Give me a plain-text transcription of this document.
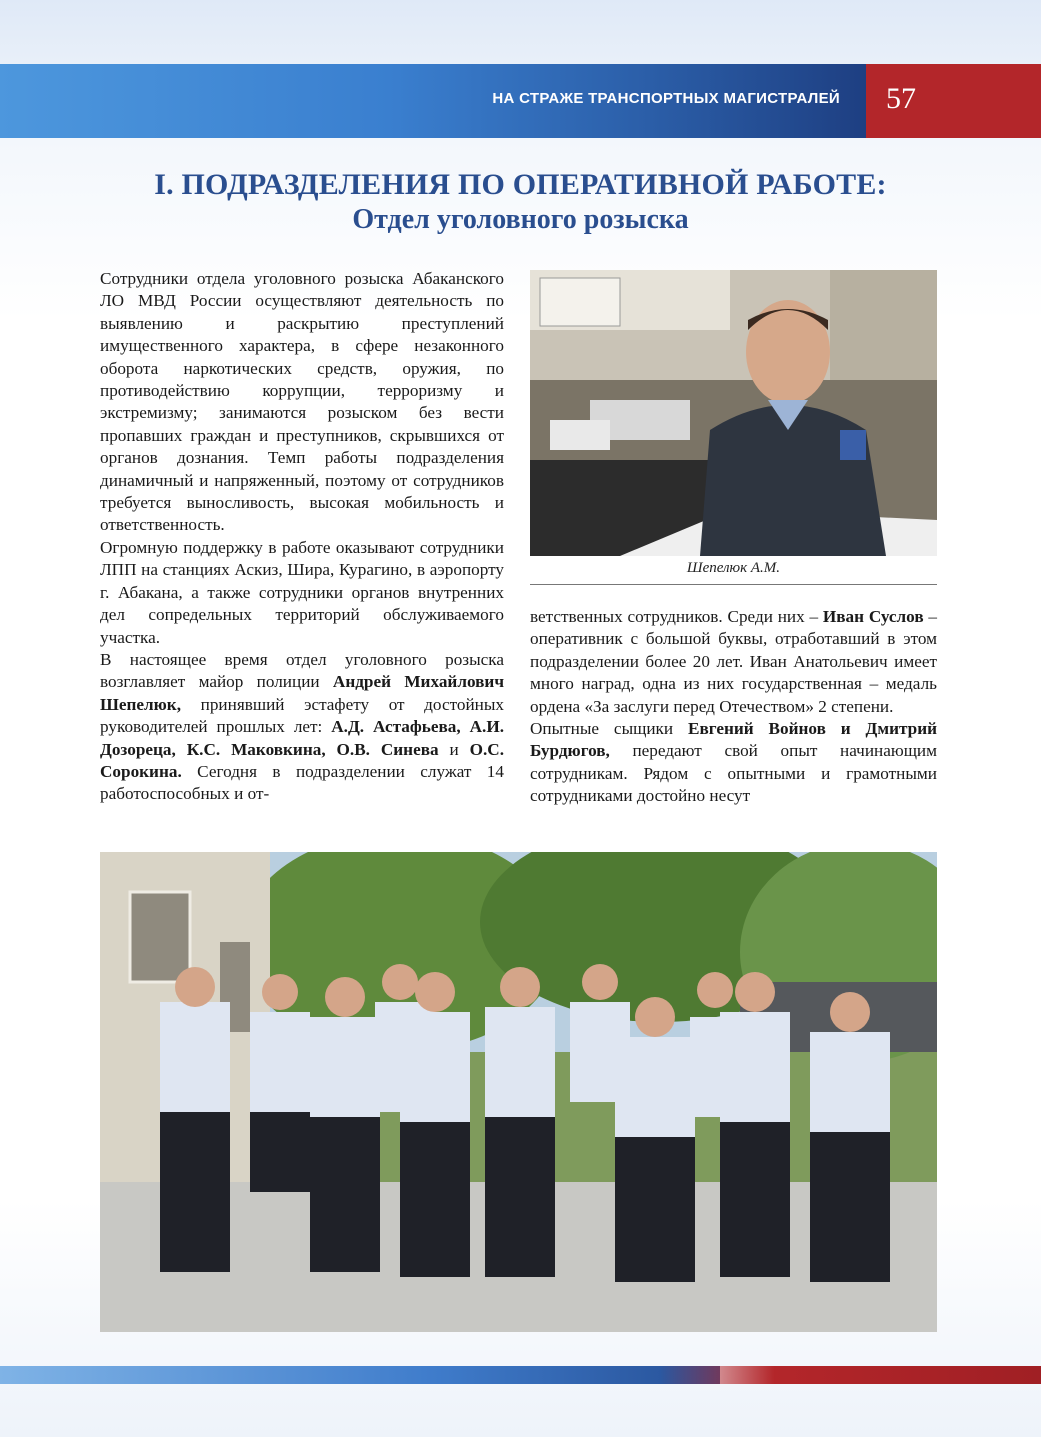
НА СТРАЖЕ ТРАНСПОРТНЫХ МАГИСТРАЛЕЙ 57
I. ПОДРАЗДЕЛЕНИЯ ПО ОПЕРАТИВНОЙ РАБОТЕ:
Отдел уголовного розыска

Сотрудники отдела уголовного розыска Абаканского ЛО МВД России осуществляют деятельность по выявлению и раскрытию преступлений имущественного характера, в сфере незаконного оборота наркотических средств, оружия, по противодействию коррупции, терроризму и экстремизму; занимаются розыском без вести пропавших граждан и преступников, скрывшихся от органов дознания. Темп работы подразделения динамичный и напряженный, поэтому от сотрудников требуется выносливость, высокая мобильность и ответственность.

Огромную поддержку в работе оказывают сотрудники ЛПП на станциях Аскиз, Шира, Курагино, в аэропорту г. Абакана, а также сотрудники органов внутренних дел сопредельных территорий обслуживаемого участка.

В настоящее время отдел уголовного розыска возглавляет майор полиции Андрей Михайлович Шепелюк, принявший эстафету от достойных руководителей прошлых лет: А.Д. Астафьева, А.И. Дозореца, К.С. Маковкина, О.В. Синева и О.С. Сорокина. Сегодня в подразделении служат 14 работоспособных и от-

Шепелюк А.М.

ветственных сотрудников. Среди них – Иван Суслов – оперативник с большой буквы, отработавший в этом подразделении более 20 лет. Иван Анатольевич имеет много наград, одна из них государственная – медаль ордена «За заслуги перед Отечеством» 2 степени.

Опытные сыщики Евгений Войнов и Дмитрий Бурдюгов, передают свой опыт начинающим сотрудникам. Рядом с опытными и грамотными сотрудниками достойно несут
